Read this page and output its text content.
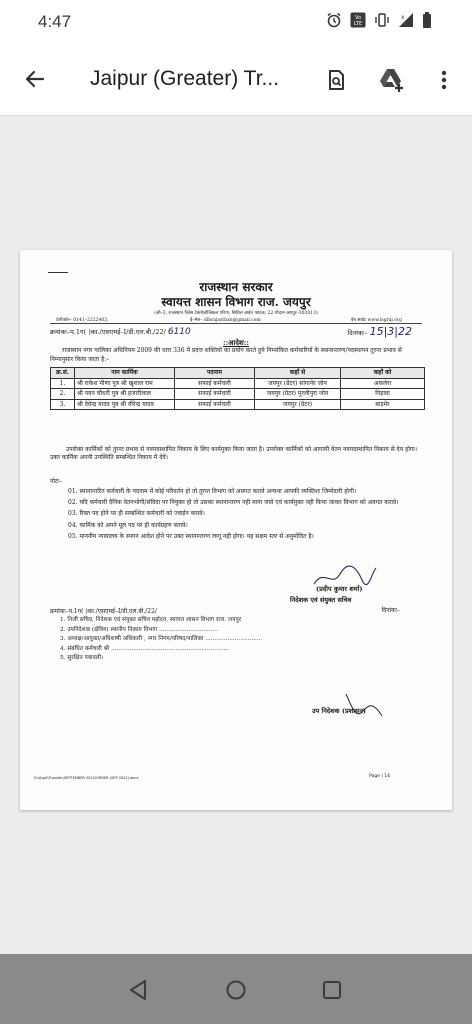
4:47	Vo
LTE
x
Jaipur (Greater) Tr...
राजस्थान सरकार
स्वायत्त शासन विभाग राज. जयपुर
(जी–3, राजस्थान पैलेस टेक्नोलॉजिकल एरिया, सिविल लाईन फाटक, 22 गोदाम जयपुर–302013)
टेलीफोन– 0141–2222403,	ई–मेल– dlbrajasthan@gmail.com	वेब साईट www.lsgraj.org
क्रमांकः–प.1ग( )का./एसएमई–I/डी.एल.बी./22/ 6110	दिनांकः– 15|3|22
::आदेश::
राजस्थान नगर पालिका अधिनियम 2009 की धारा 336 में प्रदत्त शक्तियों का प्रयोग करते हुये निम्नांकित कर्मचारियों के स्थानान्तरण/पदस्थापन तुरन्त प्रभाव से निम्नानुसार किया जाता है:–
क्र.सं.	नाम कार्मिक	पदनाम	कहाँ से	कहाँ को
1.	श्री राकेश मीणा पुत्र श्री खुशाल राम	सफाई कर्मचारी	जयपुर (ग्रेटर) सांगानेर जोन	अकलेरा
2.	श्री पवन चौधरी पुत्र श्री हजारीलाल	सफाई कर्मचारी	जयपुर (ग्रेटर) मुरलीपुरा जोन	पिड़ावा
3.	श्री देवेन्द्र यादव पुत्र श्री वीरेन्द्र यादव	सफाई कर्मचारी	जयपुर (ग्रेटर)	बाड़मेर
उपरोक्त कार्मिकों को तुरन्त प्रभाव से नवपदस्थापित निकाय के लिए कार्यमुक्त किया जाता है। उपरोक्त कार्मिकों को आगामी वेतन नवपदस्थापित निकाय से देय होगा। उक्त कार्मिक अपनी उपस्थिति सम्बन्धित निकाय में देवें।
नोटः–
01. स्थानान्तरित कर्मचारी के पदनाम में कोई परिवर्तन हो तो तुरन्त विभाग को अवगत करावे अन्यथा आपकी व्यक्तिशः जिम्मेदारी होगी।
02. यदि कर्मचारी दैनिक वेतनभोगी/संविदा पर नियुक्त हो तो उसका स्थानान्तरण नही माना जावे एवं कार्यमुक्त नही किया जाकर विभाग को अवगत करावे।
03. रिक्त पद होने पर ही सम्बन्धित कर्मचारी को ज्वाईन करावे।
04. कार्मिक को अपने मूल पद पर ही कार्यग्रहण करावे।
05. माननीय न्यायालय के स्थगन आदेश होने पर उक्त स्थानान्तरण लागू नही होगा। यह सक्षम स्तर से अनुमोदित है।
(प्रदीप कुमार शर्मा)
निदेशक एवं संयुक्त सचिव
क्रमांकः–प.1ग( )का./एसएमई–I/डी.एल.बी./22/	दिनांकः–
1. निजी सचिव, निदेशक एवं संयुक्त सचिव महोदय, स्वायत्त शासन विभाग राज. जयपुर
2. उपनिदेशक (क्षेत्रिय) स्थानीय निकाय विभाग ................................
3. अध्यक्ष/आयुक्त/अधिशाषी अधिकारी , नगर निगम/परिषद/पालिका ...............................
4. संबंधित कर्मचारी श्री ................................................................
5. सुरक्षित पत्रावली।
उप निदेशक (प्रशासन)
D:\Arpit\Transfer\SEPTEMBER 2022\ORDER (SEP 2022).docx	Page | 14
